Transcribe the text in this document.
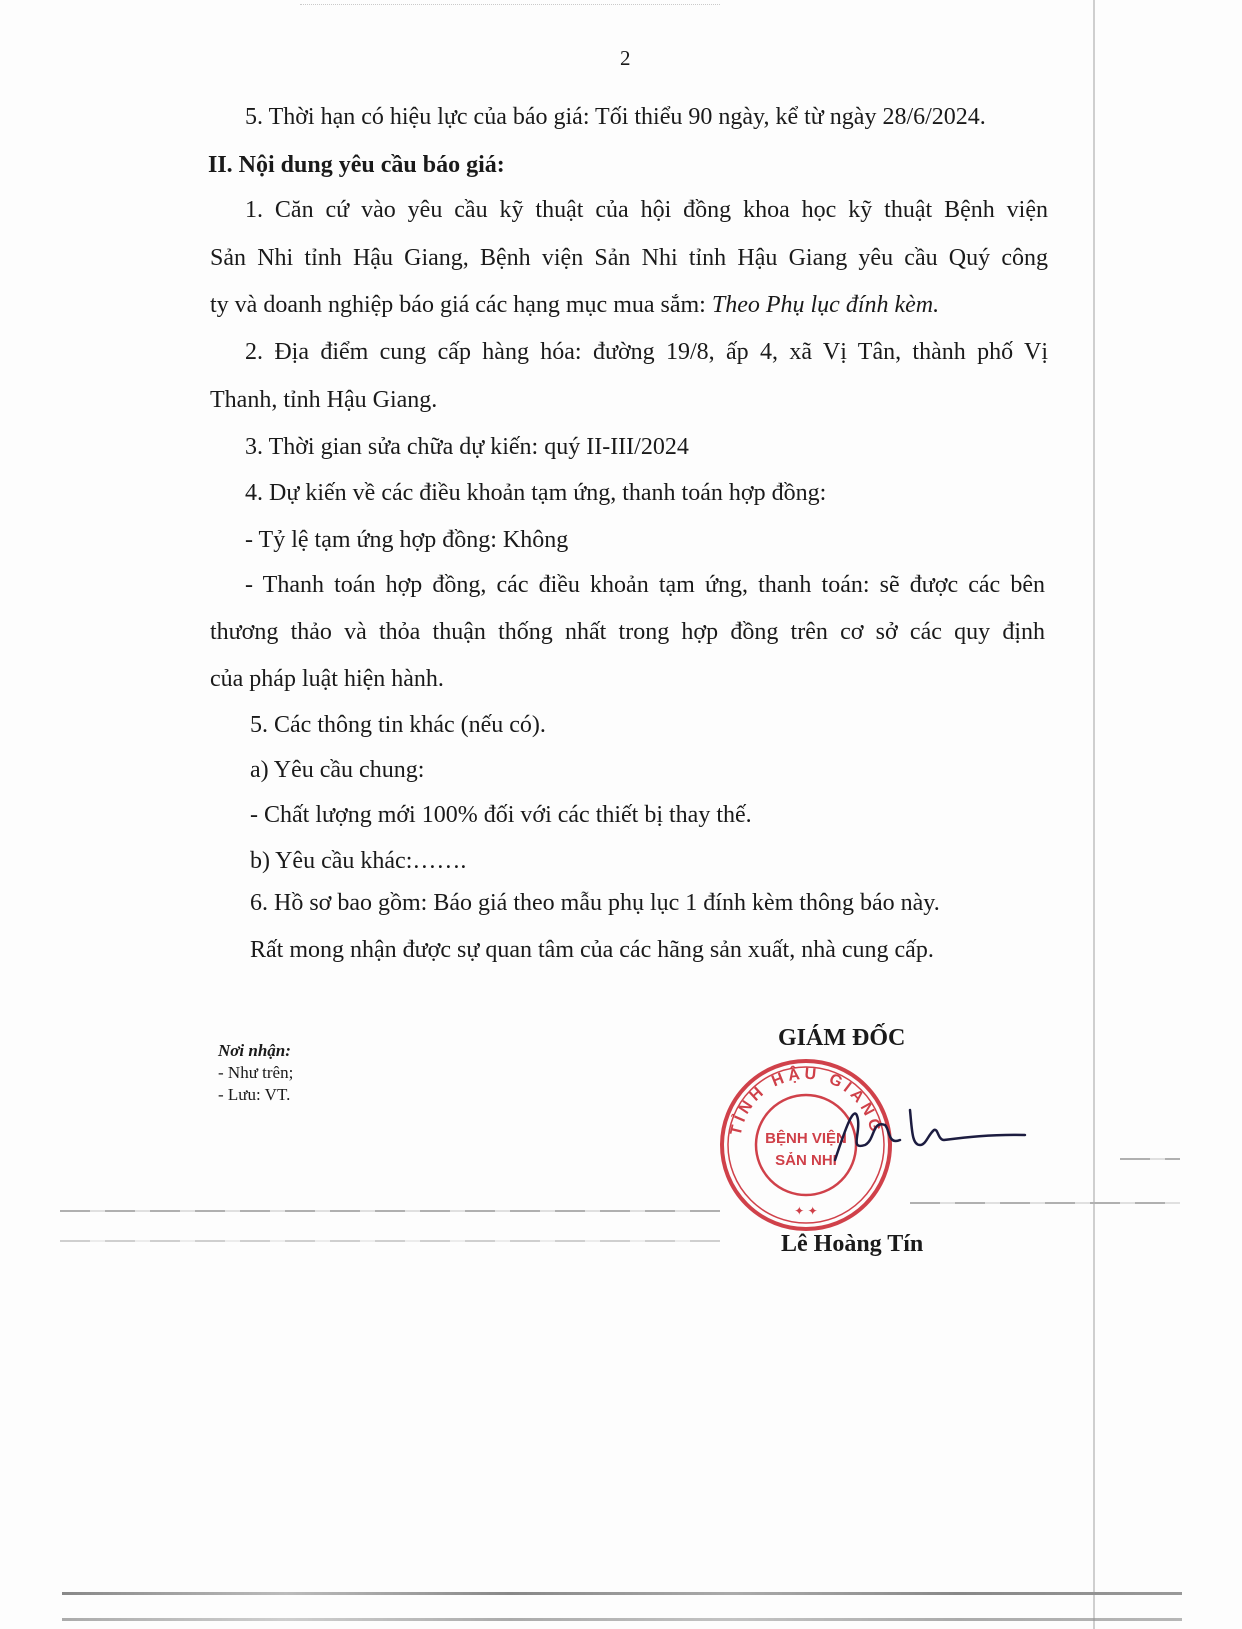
2
5. Thời hạn có hiệu lực của báo giá: Tối thiểu 90 ngày, kể từ ngày 28/6/2024.
II. Nội dung yêu cầu báo giá:
1. Căn cứ vào yêu cầu kỹ thuật của hội đồng khoa học kỹ thuật Bệnh viện
Sản Nhi tỉnh Hậu Giang, Bệnh viện Sản Nhi tỉnh Hậu Giang yêu cầu Quý công
ty và doanh nghiệp báo giá các hạng mục mua sắm: Theo Phụ lục đính kèm.
2. Địa điểm cung cấp hàng hóa: đường 19/8, ấp 4, xã Vị Tân, thành phố Vị
Thanh, tỉnh Hậu Giang.
3. Thời gian sửa chữa dự kiến: quý II-III/2024
4. Dự kiến về các điều khoản tạm ứng, thanh toán hợp đồng:
- Tỷ lệ tạm ứng hợp đồng: Không
- Thanh toán hợp đồng, các điều khoản tạm ứng, thanh toán: sẽ được các bên
thương thảo và thỏa thuận thống nhất trong hợp đồng trên cơ sở các quy định
của pháp luật hiện hành.
5. Các thông tin khác (nếu có).
a) Yêu cầu chung:
- Chất lượng mới 100% đối với các thiết bị thay thế.
b) Yêu cầu khác:…….
6. Hồ sơ bao gồm: Báo giá theo mẫu phụ lục 1 đính kèm thông báo này.
Rất mong nhận được sự quan tâm của các hãng sản xuất, nhà cung cấp.
Nơi nhận:
- Như trên;
- Lưu: VT.
GIÁM ĐỐC
TỈNH HẬU GIANG
BỆNH VIỆN
SẢN NHI
✦ ✦
Lê Hoàng Tín
